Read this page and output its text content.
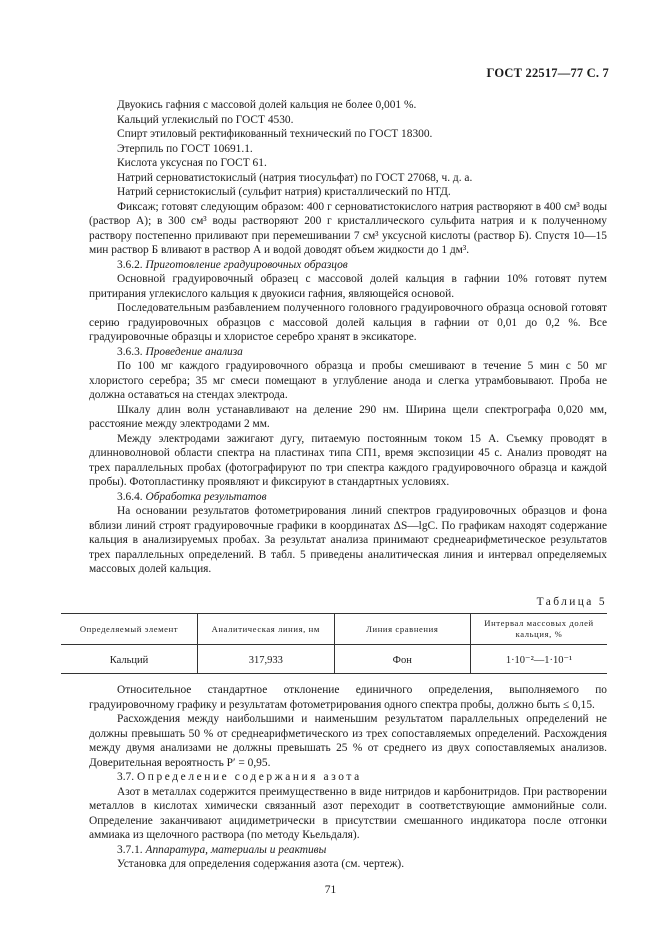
ГОСТ 22517—77 С. 7

Двуокись гафния с массовой долей кальция не более 0,001 %.

Кальций углекислый по ГОСТ 4530.

Спирт этиловый ректификованный технический по ГОСТ 18300.

Этерпиль по ГОСТ 10691.1.

Кислота уксусная по ГОСТ 61.

Натрий серноватистокислый (натрия тиосульфат) по ГОСТ 27068, ч. д. а.

Натрий сернистокислый (сульфит натрия) кристаллический по НТД.

Фиксаж; готовят следующим образом: 400 г серноватистокислого натрия растворяют в 400 см³ воды (раствор А); в 300 см³ воды растворяют 200 г кристаллического сульфита натрия и к полученному раствору постепенно приливают при перемешивании 7 см³ уксусной кислоты (раствор Б). Спустя 10—15 мин раствор Б вливают в раствор А и водой доводят объем жидкости до 1 дм³.

3.6.2. Приготовление градуировочных образцов

Основной градуировочный образец с массовой долей кальция в гафнии 10% готовят путем притирания углекислого кальция к двуокиси гафния, являющейся основой.

Последовательным разбавлением полученного головного градуировочного образца основой готовят серию градуировочных образцов с массовой долей кальция в гафнии от 0,01 до 0,2 %. Все градуировочные образцы и хлористое серебро хранят в эксикаторе.

3.6.3. Проведение анализа

По 100 мг каждого градуировочного образца и пробы смешивают в течение 5 мин с 50 мг хлористого серебра; 35 мг смеси помещают в углубление анода и слегка утрамбовывают. Проба не должна оставаться на стендах электрода.

Шкалу длин волн устанавливают на деление 290 нм. Ширина щели спектрографа 0,020 мм, расстояние между электродами 2 мм.

Между электродами зажигают дугу, питаемую постоянным током 15 А. Съемку проводят в длинноволновой области спектра на пластинах типа СП1, время экспозиции 45 с. Анализ проводят на трех параллельных пробах (фотографируют по три спектра каждого градуировочного образца и каждой пробы). Фотопластинку проявляют и фиксируют в стандартных условиях.

3.6.4. Обработка результатов

На основании результатов фотометрирования линий спектров градуировочных образцов и фона вблизи линий строят градуировочные графики в координатах ΔS—lgC. По графикам находят содержание кальция в анализируемых пробах. За результат анализа принимают среднеарифметическое результатов трех параллельных определений. В табл. 5 приведены аналитическая линия и интервал определяемых массовых долей кальция.

Таблица 5

Определяемый элемент	Аналитическая линия, нм	Линия сравнения	Интервал массовых долей кальция, %
Кальций	317,933	Фон	1·10⁻²—1·10⁻¹

Относительное стандартное отклонение единичного определения, выполняемого по градуировочному графику и результатам фотометрирования одного спектра пробы, должно быть ≤ 0,15.

Расхождения между наибольшими и наименьшим результатом параллельных определений не должны превышать 50 % от среднеарифметического из трех сопоставляемых определений. Расхождения между двумя анализами не должны превышать 25 % от среднего из двух сопоставляемых анализов. Доверительная вероятность P′ = 0,95.

3.7. Определение содержания азота

Азот в металлах содержится преимущественно в виде нитридов и карбонитридов. При растворении металлов в кислотах химически связанный азот переходит в соответствующие аммонийные соли. Определение заканчивают ацидиметрически в присутствии смешанного индикатора после отгонки аммиака из щелочного раствора (по методу Кьельдаля).

3.7.1. Аппаратура, материалы и реактивы

Установка для определения содержания азота (см. чертеж).

71
